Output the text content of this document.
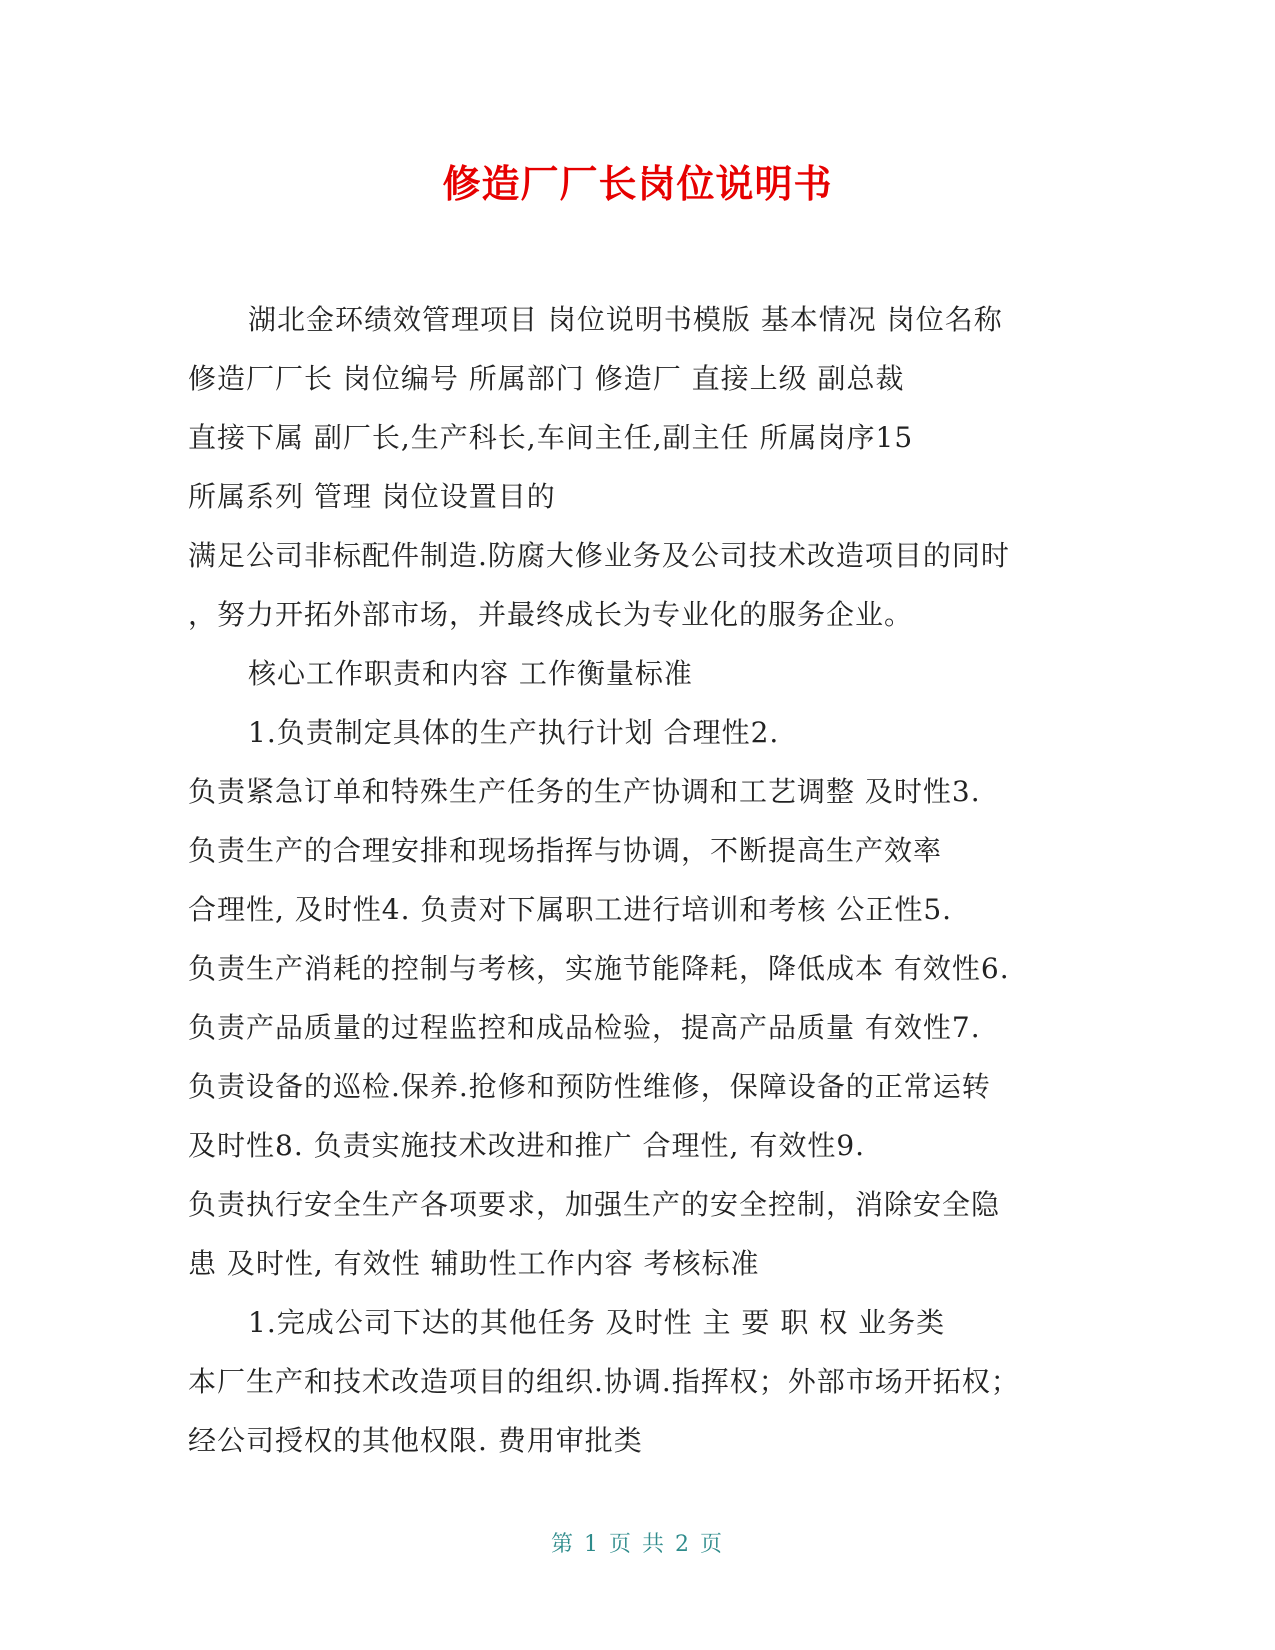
修造厂厂长岗位说明书
湖北金环绩效管理项目 岗位说明书模版 基本情况 岗位名称
修造厂厂长 岗位编号 所属部门 修造厂 直接上级 副总裁
直接下属 副厂长,生产科长,车间主任,副主任 所属岗序15
所属系列 管理 岗位设置目的
满足公司非标配件制造.防腐大修业务及公司技术改造项目的同时
，努力开拓外部市场，并最终成长为专业化的服务企业。
核心工作职责和内容 工作衡量标准
1.负责制定具体的生产执行计划 合理性2.
负责紧急订单和特殊生产任务的生产协调和工艺调整 及时性3.
负责生产的合理安排和现场指挥与协调，不断提高生产效率
合理性, 及时性4. 负责对下属职工进行培训和考核 公正性5.
负责生产消耗的控制与考核，实施节能降耗，降低成本 有效性6.
负责产品质量的过程监控和成品检验，提高产品质量 有效性7.
负责设备的巡检.保养.抢修和预防性维修，保障设备的正常运转
及时性8. 负责实施技术改进和推广 合理性, 有效性9.
负责执行安全生产各项要求，加强生产的安全控制，消除安全隐
患 及时性, 有效性 辅助性工作内容 考核标准
1.完成公司下达的其他任务 及时性 主 要 职 权 业务类
本厂生产和技术改造项目的组织.协调.指挥权；外部市场开拓权；
经公司授权的其他权限. 费用审批类
第 1 页 共 2 页
